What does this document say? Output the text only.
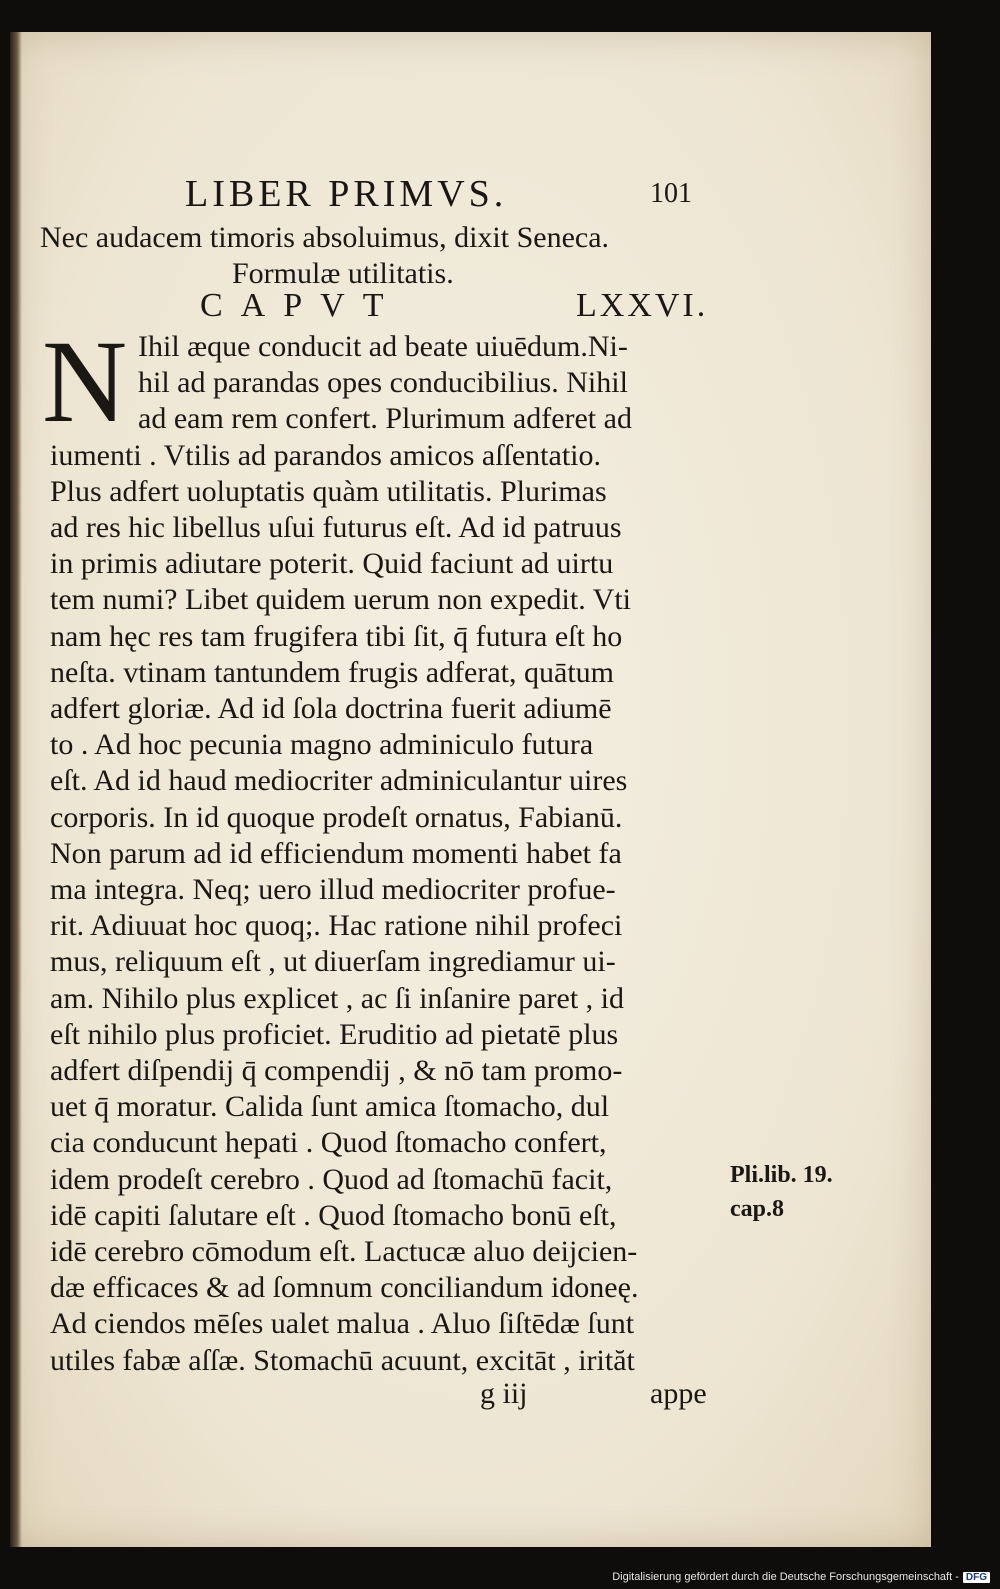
LIBER PRIMVS.	101
Nec audacem timoris absoluimus, dixit Seneca.
Formulæ utilitatis.
CAPVT	LXXVI.
N Ihil æque conducit ad beate uiuēdum.Ni-
hil ad parandas opes conducibilius. Nihil
ad eam rem confert. Plurimum adferet ad
iumenti . Vtilis ad parandos amicos aſſentatio.
Plus adfert uoluptatis quàm utilitatis. Plurimas
ad res hic libellus uſui futurus eſt. Ad id patruus
in primis adiutare poterit. Quid faciunt ad uirtu
tem numi? Libet quidem uerum non expedit. Vti
nam hęc res tam frugifera tibi ſit, q̄ futura eſt ho
neſta. vtinam tantundem frugis adferat, quātum
adfert gloriæ. Ad id ſola doctrina fuerit adiumē
to . Ad hoc pecunia magno adminiculo futura
eſt. Ad id haud mediocriter adminiculantur uires
corporis. In id quoque prodeſt ornatus, Fabianū.
Non parum ad id efficiendum momenti habet fa
ma integra. Neq; uero illud mediocriter profue-
rit. Adiuuat hoc quoq;. Hac ratione nihil profeci
mus, reliquum eſt , ut diuerſam ingrediamur ui-
am. Nihilo plus explicet , ac ſi inſanire paret , id
eſt nihilo plus proficiet. Eruditio ad pietatē plus
adfert diſpendij q̄ compendij , & nō tam promo-
uet q̄ moratur. Calida ſunt amica ſtomacho, dul
cia conducunt hepati . Quod ſtomacho confert,
idem prodeſt cerebro . Quod ad ſtomachū facit,
idē capiti ſalutare eſt . Quod ſtomacho bonū eſt,
idē cerebro cōmodum eſt. Lactucæ aluo deijcien-
dæ efficaces & ad ſomnum conciliandum idoneę.
Ad ciendos mēſes ualet malua . Aluo ſiſtēdæ ſunt
utiles fabæ aſſæ. Stomachū acuunt, excitāt , irităt
Pli.lib. 19.
cap.8
g iij	appe
Digitalisierung gefördert durch die Deutsche Forschungsgemeinschaft - DFG
